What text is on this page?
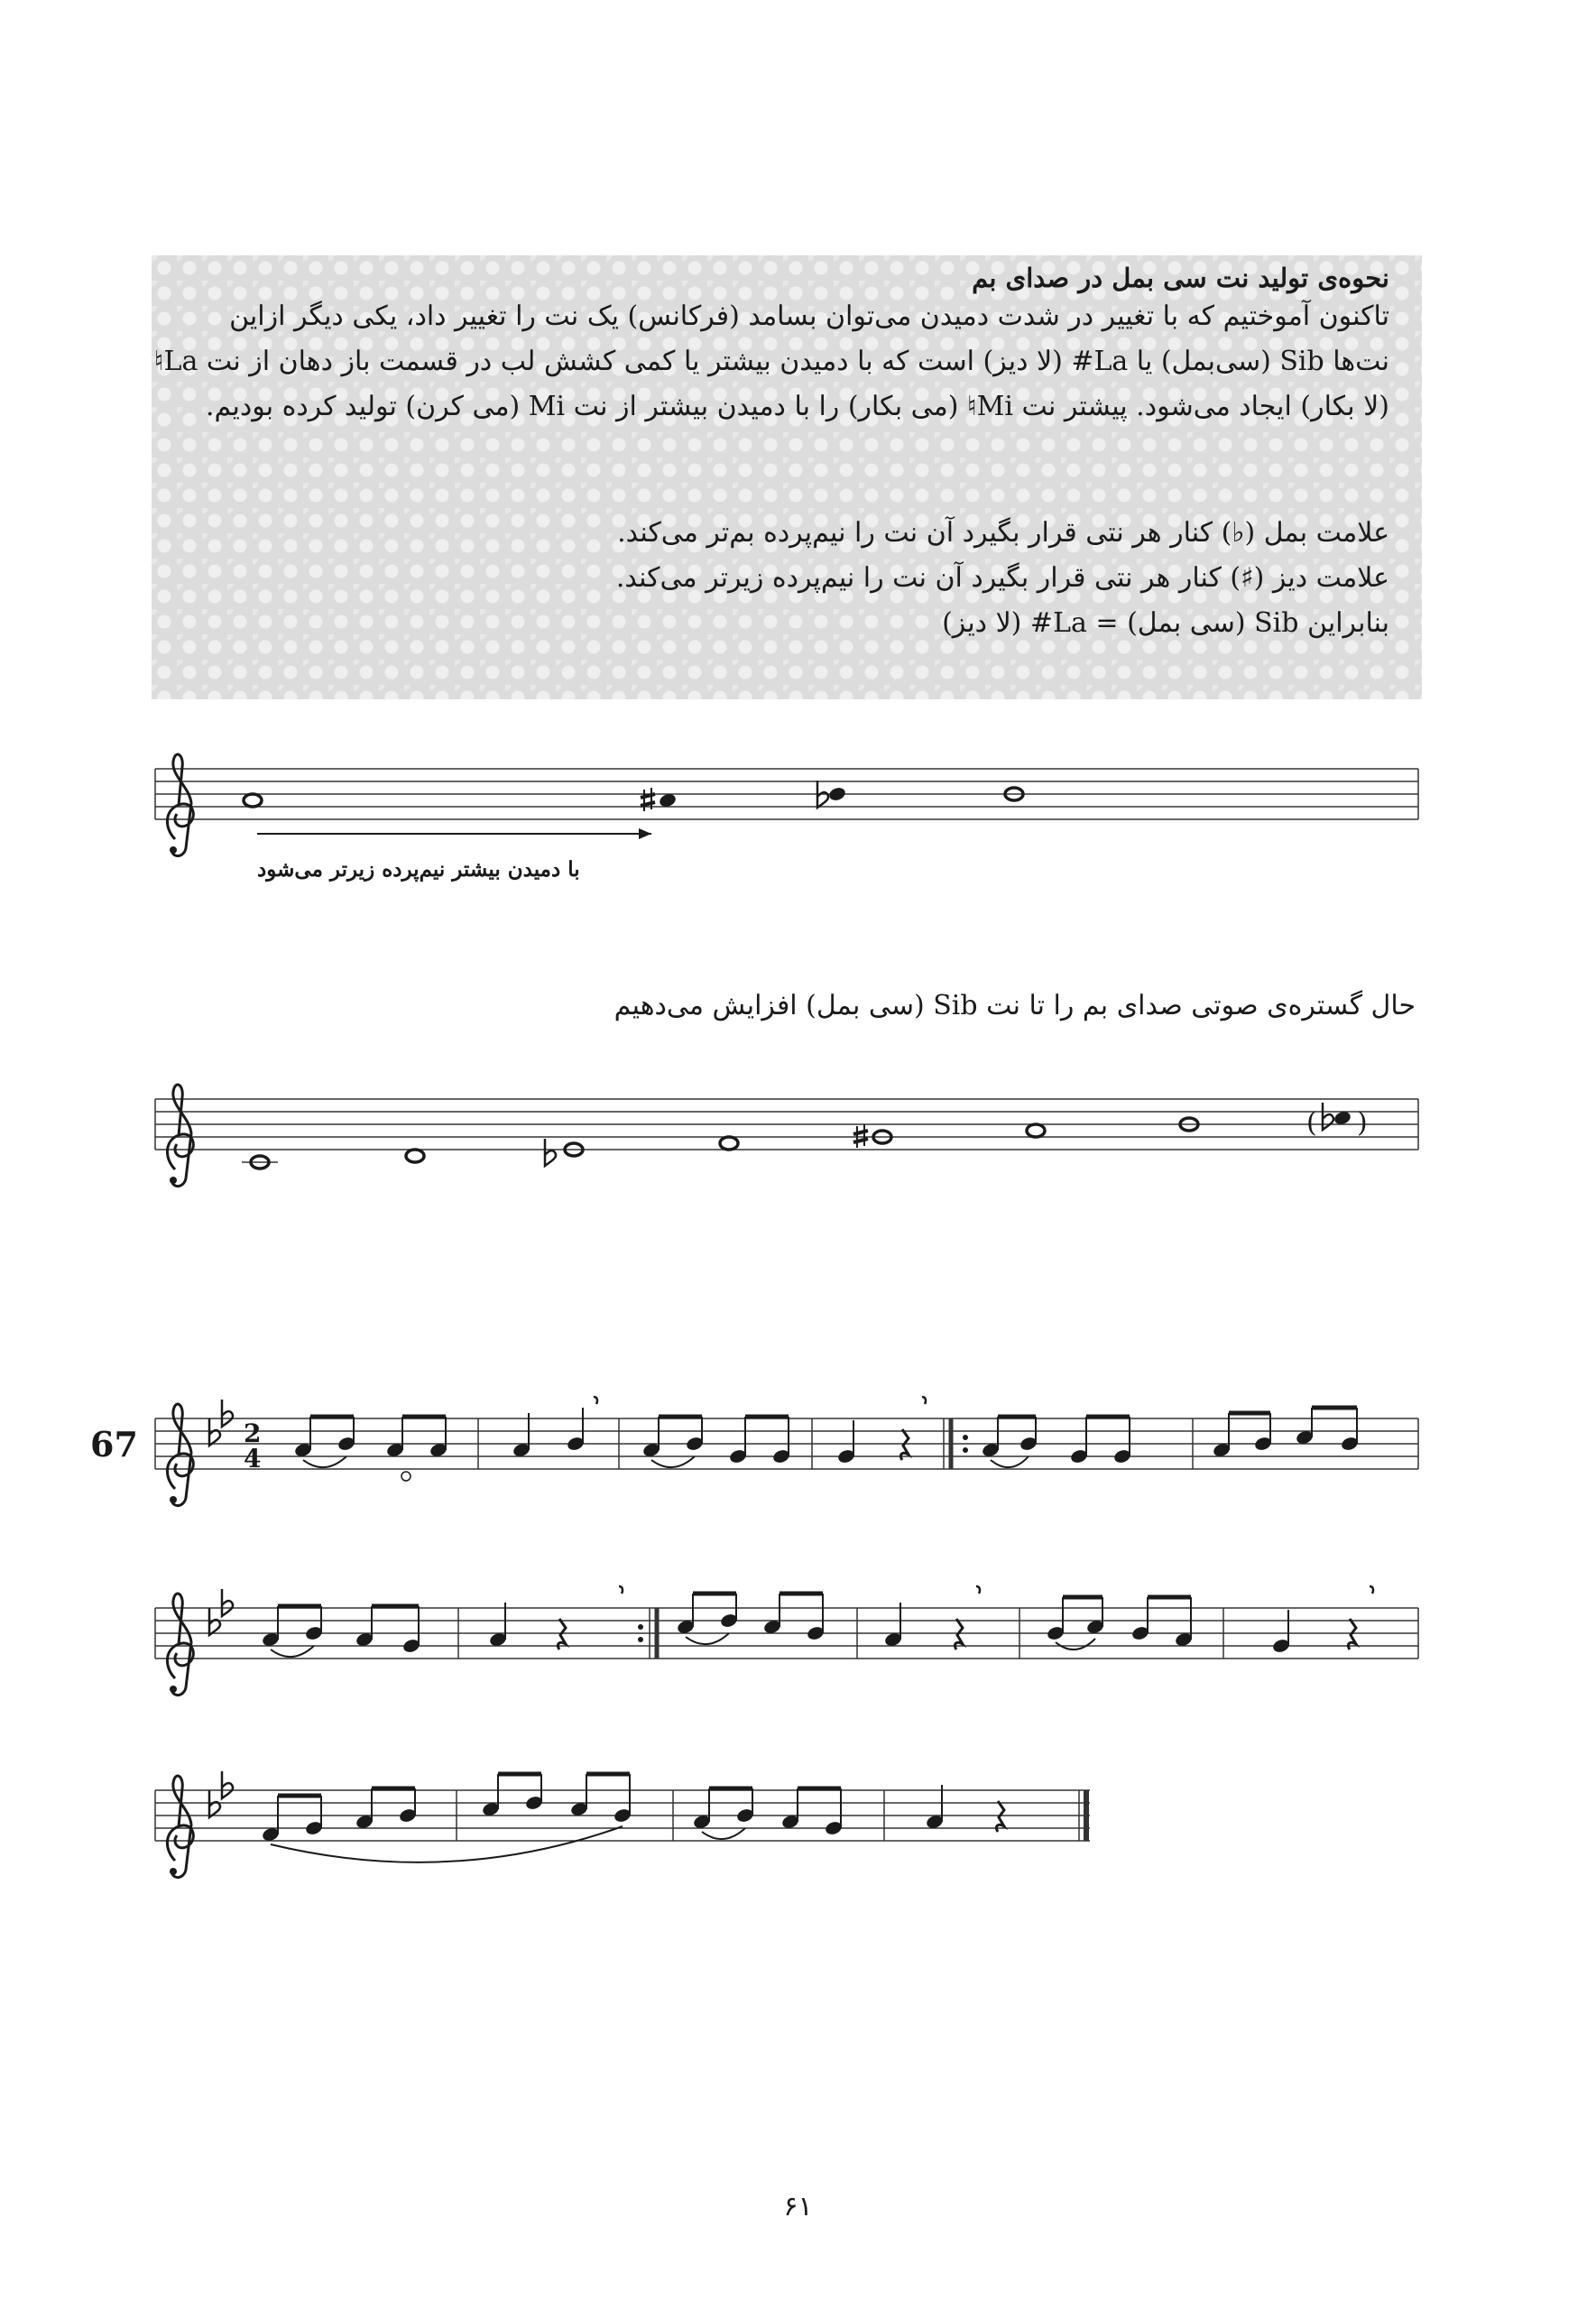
نحوه‌ی تولید نت سی بمل در صدای بم
تاکنون آموختیم که با تغییر در شدت دمیدن می‌توان بسامد (فرکانس) یک نت را تغییر داد، یکی دیگر ازاین
نت‌ها Sib (سی‌بمل) یا La# (لا دیز) است که با دمیدن بیشتر یا کمی کشش لب در قسمت باز دهان از نت La♮
(لا بکار) ایجاد می‌شود. پیشتر نت Mi♮ (می بکار) را با دمیدن بیشتر از نت Mi (می کرن) تولید کرده بودیم.
علامت بمل (♭) کنار هر نتی قرار بگیرد آن نت را نیم‌پرده بم‌تر می‌کند.
علامت دیز (♯) کنار هر نتی قرار بگیرد آن نت را نیم‌پرده زیرتر می‌کند.
بنابراین Sib (سی بمل) = La# (لا دیز)
با دمیدن بیشتر نیم‌پرده زیرتر می‌شود
حال گستره‌ی صوتی صدای بم را تا نت Sib (سی بمل) افزایش می‌دهیم
67
۶۱
( )
2
4
